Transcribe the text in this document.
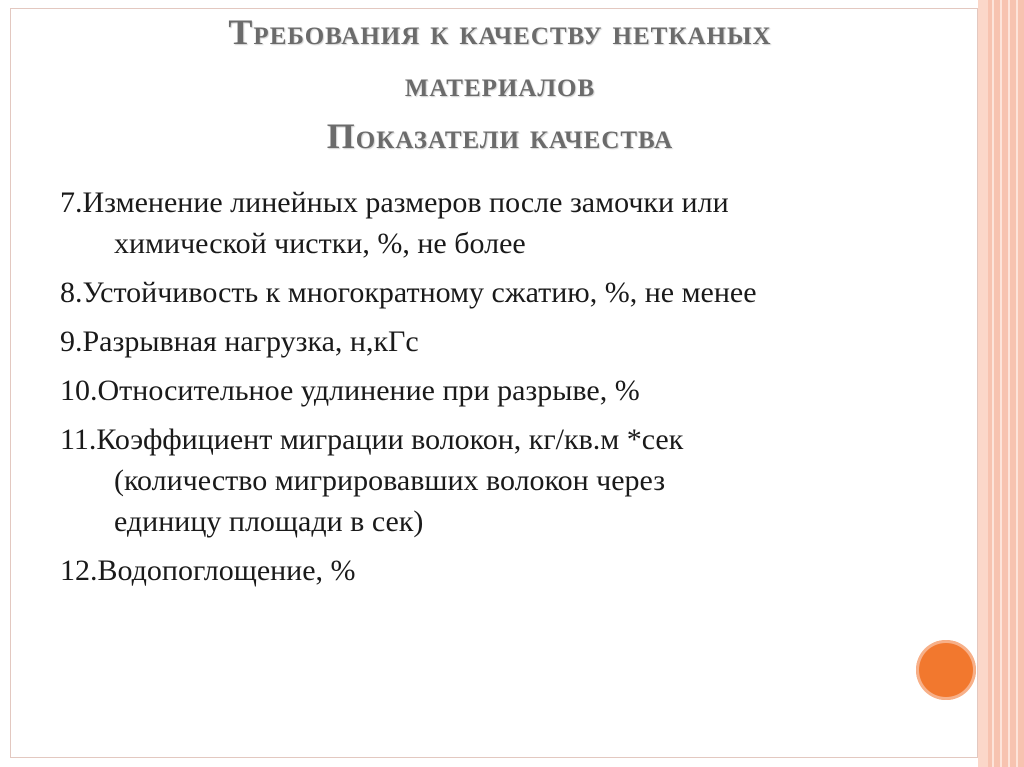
Требования к качеству нетканых
материалов
Показатели качества
7.Изменение линейных размеров после замочки или
химической чистки, %, не более
8.Устойчивость к многократному сжатию, %, не менее
9.Разрывная нагрузка, н,кГс
10.Относительное удлинение при разрыве, %
11.Коэффициент миграции волокон, кг/кв.м *сек
(количество мигрировавших волокон через
единицу площади в сек)
12.Водопоглощение, %
